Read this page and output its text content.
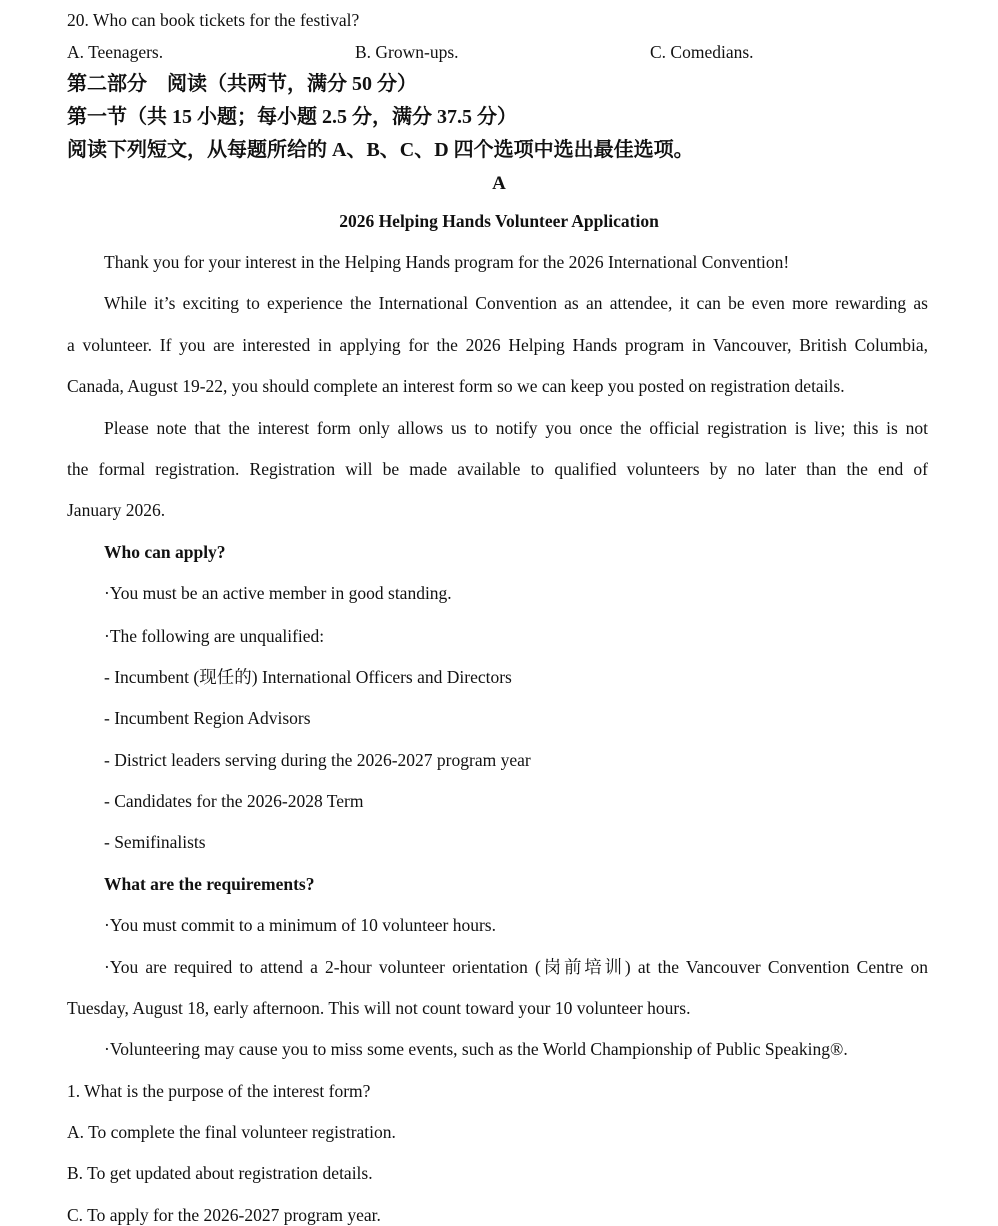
20. Who can book tickets for the festival?
A. Teenagers.	B. Grown-ups.	C. Comedians.
第二部分　阅读（共两节，满分 50 分）
第一节（共 15 小题；每小题 2.5 分，满分 37.5 分）
阅读下列短文，从每题所给的 A、B、C、D 四个选项中选出最佳选项。
A
2026 Helping Hands Volunteer Application
Thank you for your interest in the Helping Hands program for the 2026 International Convention!
While it’s exciting to experience the International Convention as an attendee, it can be even more rewarding as
a volunteer. If you are interested in applying for the 2026 Helping Hands program in Vancouver, British Columbia,
Canada, August 19-22, you should complete an interest form so we can keep you posted on registration details.
Please note that the interest form only allows us to notify you once the official registration is live; this is not
the formal registration. Registration will be made available to qualified volunteers by no later than the end of
January 2026.
Who can apply?
·You must be an active member in good standing.
·The following are unqualified:
- Incumbent (现任的) International Officers and Directors
- Incumbent Region Advisors
- District leaders serving during the 2026-2027 program year
- Candidates for the 2026-2028 Term
- Semifinalists
What are the requirements?
·You must commit to a minimum of 10 volunteer hours.
·You are required to attend a 2-hour volunteer orientation (岗前培训) at the Vancouver Convention Centre on
Tuesday, August 18, early afternoon. This will not count toward your 10 volunteer hours.
·Volunteering may cause you to miss some events, such as the World Championship of Public Speaking®.
1. What is the purpose of the interest form?
A. To complete the final volunteer registration.
B. To get updated about registration details.
C. To apply for the 2026-2027 program year.
